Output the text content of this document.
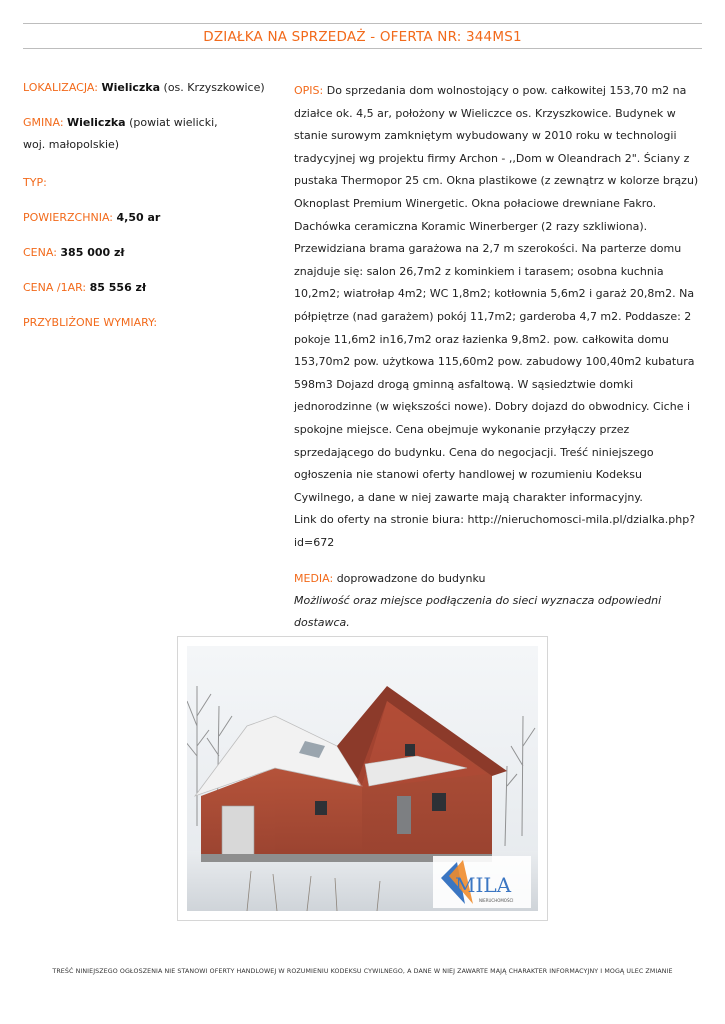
DZIAŁKA NA SPRZEDAŻ - OFERTA NR: 344MS1
LOKALIZACJA: Wieliczka (os. Krzyszkowice)
GMINA: Wieliczka (powiat wielicki,
woj. małopolskie)
TYP:
POWIERZCHNIA: 4,50 ar
CENA: 385 000 zł
CENA /1AR: 85 556 zł
PRZYBLIŻONE WYMIARY:

OPIS: Do sprzedania dom wolnostojący o pow. całkowitej 153,70 m2 na działce ok. 4,5 ar, położony w Wieliczce os. Krzyszkowice. Budynek w stanie surowym zamkniętym wybudowany w 2010 roku w technologii tradycyjnej wg projektu firmy Archon - ,,Dom w Oleandrach 2". Ściany z pustaka Thermopor 25 cm. Okna plastikowe (z zewnątrz w kolorze brązu) Oknoplast Premium Winergetic. Okna połaciowe drewniane Fakro. Dachówka ceramiczna Koramic Winerberger (2 razy szkliwiona). Przewidziana brama garażowa na 2,7 m szerokości. Na parterze domu znajduje się: salon 26,7m2 z kominkiem i tarasem; osobna kuchnia 10,2m2; wiatrołap 4m2; WC 1,8m2; kotłownia 5,6m2 i garaż 20,8m2. Na półpiętrze (nad garażem) pokój 11,7m2; garderoba 4,7 m2. Poddasze: 2 pokoje 11,6m2 in16,7m2 oraz łazienka 9,8m2. pow. całkowita domu 153,70m2 pow. użytkowa 115,60m2 pow. zabudowy 100,40m2 kubatura 598m3 Dojazd drogą gminną asfaltową. W sąsiedztwie domki jednorodzinne (w większości nowe). Dobry dojazd do obwodnicy. Ciche i spokojne miejsce. Cena obejmuje wykonanie przyłączy przez sprzedającego do budynku. Cena do negocjacji. Treść niniejszego ogłoszenia nie stanowi oferty handlowej w rozumieniu Kodeksu Cywilnego, a dane w niej zawarte mają charakter informacyjny.
Link do oferty na stronie biura: http://nieruchomosci-mila.pl/dzialka.php?id=672

MEDIA: doprowadzone do budynku
Możliwość oraz miejsce podłączenia do sieci wyznacza odpowiedni dostawca.
MILA
NIERUCHOMOŚCI
TREŚĆ NINIEJSZEGO OGŁOSZENIA NIE STANOWI OFERTY HANDLOWEJ W ROZUMIENIU KODEKSU CYWILNEGO, A DANE W NIEJ ZAWARTE MAJĄ CHARAKTER INFORMACYJNY I MOGĄ ULEC ZMIANIE
